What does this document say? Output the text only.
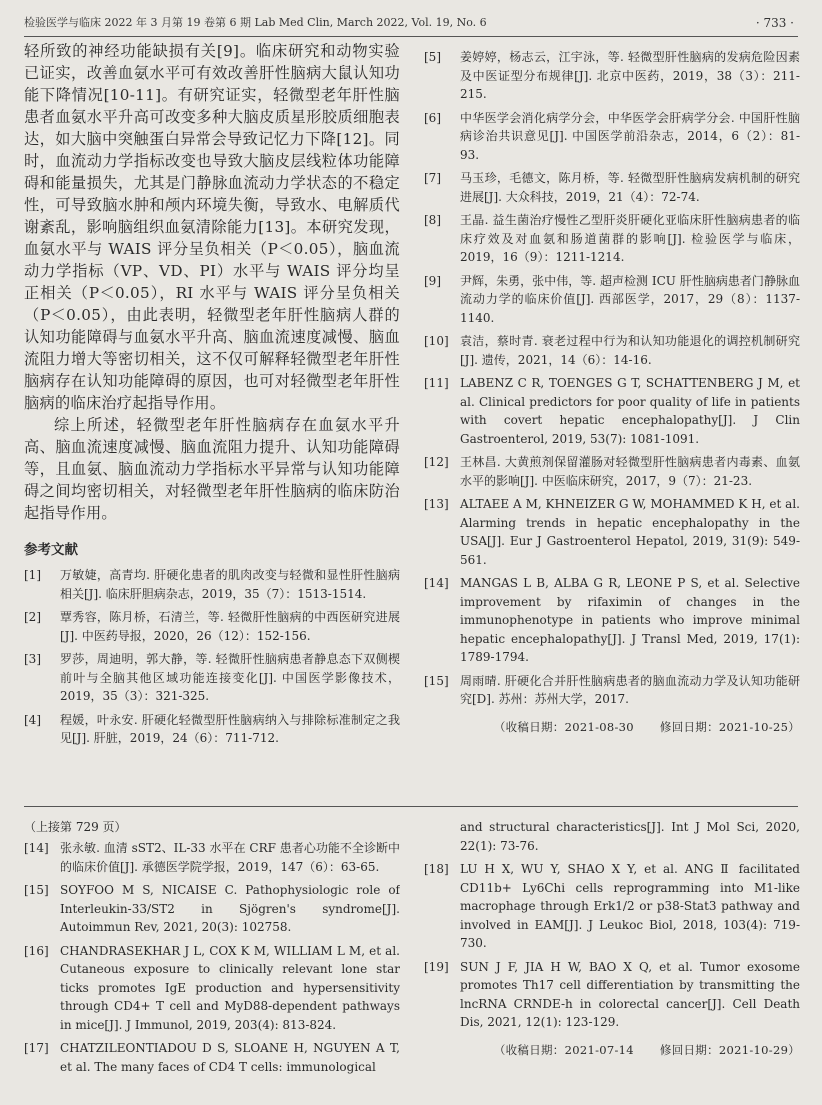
检验医学与临床 2022 年 3 月第 19 卷第 6 期 Lab Med Clin, March 2022, Vol. 19, No. 6	· 733 ·

轻所致的神经功能缺损有关[9]。临床研究和动物实验已证实，改善血氨水平可有效改善肝性脑病大鼠认知功能下降情况[10-11]。有研究证实，轻微型老年肝性脑患者血氨水平升高可改变多种大脑皮质星形胶质细胞表达，如大脑中突触蛋白异常会导致记忆力下降[12]。同时，血流动力学指标改变也导致大脑皮层线粒体功能障碍和能量损失，尤其是门静脉血流动力学状态的不稳定性，可导致脑水肿和颅内环境失衡，导致水、电解质代谢紊乱，影响脑组织血氨清除能力[13]。本研究发现，血氨水平与 WAIS 评分呈负相关（P＜0.05），脑血流动力学指标（VP、VD、PI）水平与 WAIS 评分均呈正相关（P＜0.05），RI 水平与 WAIS 评分呈负相关（P＜0.05），由此表明，轻微型老年肝性脑病人群的认知功能障碍与血氨水平升高、脑血流速度减慢、脑血流阻力增大等密切相关，这不仅可解释轻微型老年肝性脑病存在认知功能障碍的原因，也可对轻微型老年肝性脑病的临床治疗起指导作用。

综上所述，轻微型老年肝性脑病存在血氨水平升高、脑血流速度减慢、脑血流阻力提升、认知功能障碍等，且血氨、脑血流动力学指标水平异常与认知功能障碍之间均密切相关，对轻微型老年肝性脑病的临床防治起指导作用。

参考文献
[1]	万敏婕，高青均. 肝硬化患者的肌肉改变与轻微和显性肝性脑病相关[J]. 临床肝胆病杂志，2019，35（7）：1513-1514.
[2]	覃秀容，陈月桥，石清兰，等. 轻微肝性脑病的中西医研究进展[J]. 中医药导报，2020，26（12）：152-156.
[3]	罗莎，周迪明，郭大静，等. 轻微肝性脑病患者静息态下双侧楔前叶与全脑其他区域功能连接变化[J]. 中国医学影像技术，2019，35（3）：321-325.
[4]	程媛，叶永安. 肝硬化轻微型肝性脑病纳入与排除标准制定之我见[J]. 肝脏，2019，24（6）：711-712.
[5]	姜婷婷，杨志云，江宇泳，等. 轻微型肝性脑病的发病危险因素及中医证型分布规律[J]. 北京中医药，2019，38（3）：211-215.
[6]	中华医学会消化病学分会，中华医学会肝病学分会. 中国肝性脑病诊治共识意见[J]. 中国医学前沿杂志，2014，6（2）：81-93.
[7]	马玉珍，毛德文，陈月桥，等. 轻微型肝性脑病发病机制的研究进展[J]. 大众科技，2019，21（4）：72-74.
[8]	王晶. 益生菌治疗慢性乙型肝炎肝硬化亚临床肝性脑病患者的临床疗效及对血氨和肠道菌群的影响[J]. 检验医学与临床，2019，16（9）：1211-1214.
[9]	尹辉，朱勇，张中伟，等. 超声检测 ICU 肝性脑病患者门静脉血流动力学的临床价值[J]. 西部医学，2017，29（8）：1137-1140.
[10] 袁洁，蔡时青. 衰老过程中行为和认知功能退化的调控机制研究[J]. 遗传，2021，14（6）：14-16.
[11] LABENZ C R, TOENGES G T, SCHATTENBERG J M, et al. Clinical predictors for poor quality of life in patients with covert hepatic encephalopathy[J]. J Clin Gastroenterol, 2019, 53(7): 1081-1091.
[12] 王林昌. 大黄煎剂保留灌肠对轻微型肝性脑病患者内毒素、血氨水平的影响[J]. 中医临床研究，2017，9（7）：21-23.
[13] ALTAEE A M, KHNEIZER G W, MOHAMMED K H, et al. Alarming trends in hepatic encephalopathy in the USA[J]. Eur J Gastroenterol Hepatol, 2019, 31(9): 549-561.
[14] MANGAS L B, ALBA G R, LEONE P S, et al. Selective improvement by rifaximin of changes in the immunophenotype in patients who improve minimal hepatic encephalopathy[J]. J Transl Med, 2019, 17(1): 1789-1794.
[15] 周雨晴. 肝硬化合并肝性脑病患者的脑血流动力学及认知功能研究[D]. 苏州：苏州大学，2017.
（收稿日期：2021-08-30 修回日期：2021-10-25）
（上接第 729 页）
[14] 张永敏. 血清 sST2、IL-33 水平在 CRF 患者心功能不全诊断中的临床价值[J]. 承德医学院学报，2019，147（6）：63-65.
[15] SOYFOO M S, NICAISE C. Pathophysiologic role of Interleukin-33/ST2 in Sjögren's syndrome[J]. Autoimmun Rev, 2021, 20(3): 102758.
[16] CHANDRASEKHAR J L, COX K M, WILLIAM L M, et al. Cutaneous exposure to clinically relevant lone star ticks promotes IgE production and hypersensitivity through CD4+ T cell and MyD88-dependent pathways in mice[J]. J Immunol, 2019, 203(4): 813-824.
[17] CHATZILEONTIADOU D S, SLOANE H, NGUYEN A T, et al. The many faces of CD4 T cells: immunological
and structural characteristics[J]. Int J Mol Sci, 2020, 22(1): 73-76.
[18] LU H X, WU Y, SHAO X Y, et al. ANG Ⅱ facilitated CD11b+ Ly6Chi cells reprogramming into M1-like macrophage through Erk1/2 or p38-Stat3 pathway and involved in EAM[J]. J Leukoc Biol, 2018, 103(4): 719-730.
[19] SUN J F, JIA H W, BAO X Q, et al. Tumor exosome promotes Th17 cell differentiation by transmitting the lncRNA CRNDE-h in colorectal cancer[J]. Cell Death Dis, 2021, 12(1): 123-129.
（收稿日期：2021-07-14 修回日期：2021-10-29）
